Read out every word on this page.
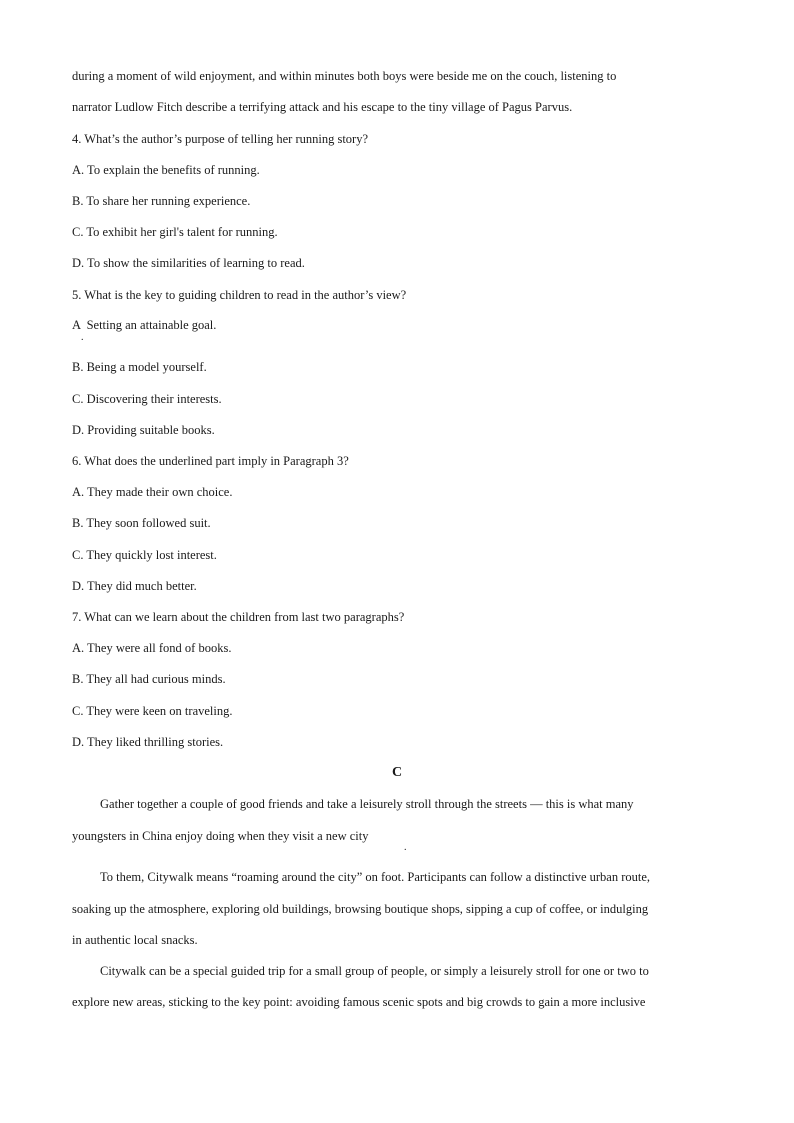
during a moment of wild enjoyment, and within minutes both boys were beside me on the couch, listening to
narrator Ludlow Fitch describe a terrifying attack and his escape to the tiny village of Pagus Parvus.
4. What’s the author’s purpose of telling her running story?
A. To explain the benefits of running.
B. To share her running experience.
C. To exhibit her girl's talent for running.
D. To show the similarities of learning to read.
5. What is the key to guiding children to read in the author’s view?
A  Setting an attainable goal.
.
B. Being a model yourself.
C. Discovering their interests.
D. Providing suitable books.
6. What does the underlined part imply in Paragraph 3?
A. They made their own choice.
B. They soon followed suit.
C. They quickly lost interest.
D. They did much better.
7. What can we learn about the children from last two paragraphs?
A. They were all fond of books.
B. They all had curious minds.
C. They were keen on traveling.
D. They liked thrilling stories.
C
Gather together a couple of good friends and take a leisurely stroll through the streets — this is what many
youngsters in China enjoy doing when they visit a new city
.
To them, Citywalk means “roaming around the city” on foot. Participants can follow a distinctive urban route,
soaking up the atmosphere, exploring old buildings, browsing boutique shops, sipping a cup of coffee, or indulging
in authentic local snacks.
Citywalk can be a special guided trip for a small group of people, or simply a leisurely stroll for one or two to
explore new areas, sticking to the key point: avoiding famous scenic spots and big crowds to gain a more inclusive
